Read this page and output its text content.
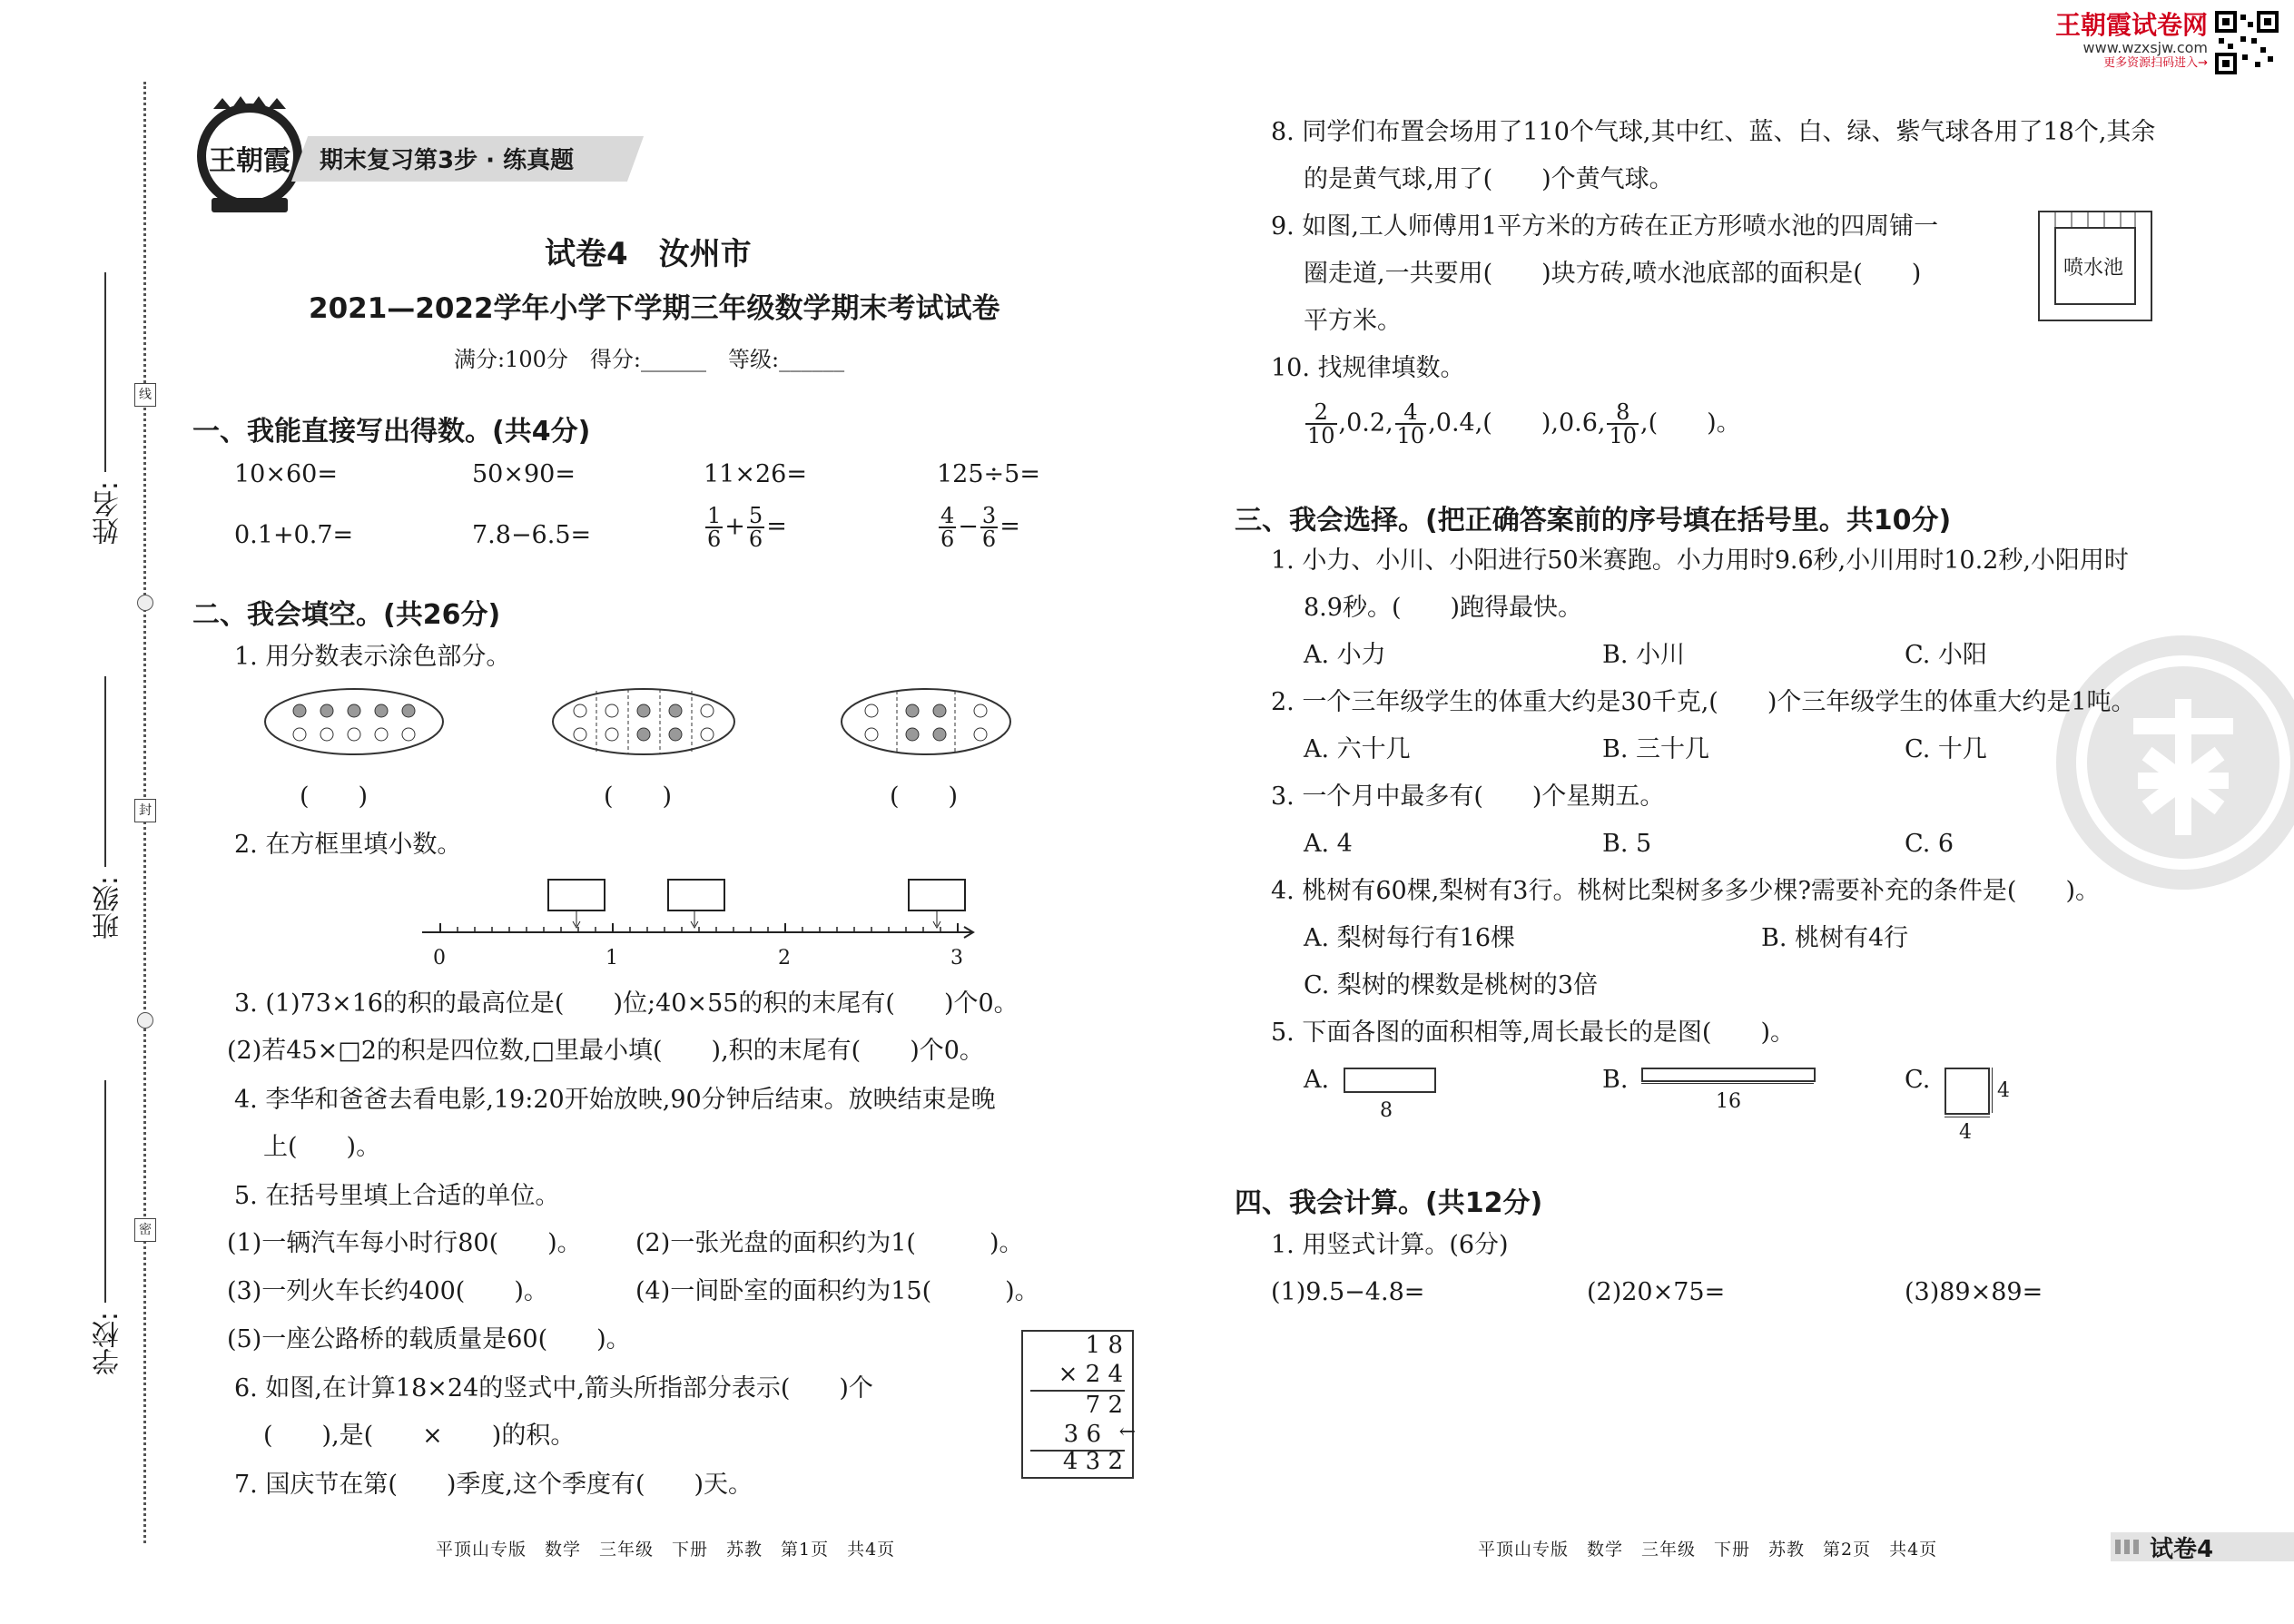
王朝霞试卷网
www.wzxsjw.com
更多资源扫码进入→
线
封
密
姓名:
班级:
学校:
王朝霞 期末复习第3步 · 练真题
试卷4　汝州市
2021—2022学年小学下学期三年级数学期末考试试卷
满分:100分　得分:______　等级:______
一、我能直接写出得数。(共4分)
10×60=	50×90=	11×26=	125÷5=
0.1+0.7=	7.8−6.5=	$\frac{1}{6} + \frac{5}{6}$ =	$\frac{4}{6} - \frac{3}{6}$ =
二、我会填空。(共26分)
1. 用分数表示涂色部分。
(　　)	(　　)	(　　)
2. 在方框里填小数。
0	1	2	3
3. (1)73×16的积的最高位是(　　)位;40×55的积的末尾有(　　)个0。
(2)若45×□2的积是四位数,□里最小填(　　),积的末尾有(　　)个0。
4. 李华和爸爸去看电影,19:20开始放映,90分钟后结束。放映结束是晚
上(　　)。
5. 在括号里填上合适的单位。
(1)一辆汽车每小时行80(　　)。 (2)一张光盘的面积约为1(　　　)。
(3)一列火车长约400(　　)。	(4)一间卧室的面积约为15(　　　)。
(5)一座公路桥的载质量是60(　　)。
6. 如图,在计算18×24的竖式中,箭头所指部分表示(　　)个
(　　),是(　　×　　)的积。
7. 国庆节在第(　　)季度,这个季度有(　　)天。
1 8
× 2 4
7 2
3 6 ←
4 3 2
8. 同学们布置会场用了110个气球,其中红、蓝、白、绿、紫气球各用了18个,其余
的是黄气球,用了(　　)个黄气球。
9. 如图,工人师傅用1平方米的方砖在正方形喷水池的四周铺一
圈走道,一共要用(　　)块方砖,喷水池底部的面积是(　　)
平方米。
喷水池
10. 找规律填数。
$\frac{2}{10} ,0.2$, $\frac{4}{10} ,0.4$,(　　),0.6, $\frac{8}{10}$ ,(　　)。
三、我会选择。(把正确答案前的序号填在括号里。共10分)
1. 小力、小川、小阳进行50米赛跑。小力用时9.6秒,小川用时10.2秒,小阳用时
8.9秒。(　　)跑得最快。
A. 小力	B. 小川	C. 小阳
2. 一个三年级学生的体重大约是30千克,(　　)个三年级学生的体重大约是1吨。
A. 六十几	B. 三十几	C. 十几
3. 一个月中最多有(　　)个星期五。
A. 4	B. 5	C. 6
4. 桃树有60棵,梨树有3行。桃树比梨树多多少棵?需要补充的条件是(　　)。
A. 梨树每行有16棵	B. 桃树有4行
C. 梨树的棵数是桃树的3倍
5. 下面各图的面积相等,周长最长的是图(　　)。
A.
8
B.
16
C.	4
4
四、我会计算。(共12分)
1. 用竖式计算。(6分)
(1)9.5−4.8=	(2)20×75=	(3)89×89=
平顶山专版　数学　三年级　下册　苏教　第1页　共4页	平顶山专版　数学　三年级　下册　苏教　第2页　共4页	试卷4
